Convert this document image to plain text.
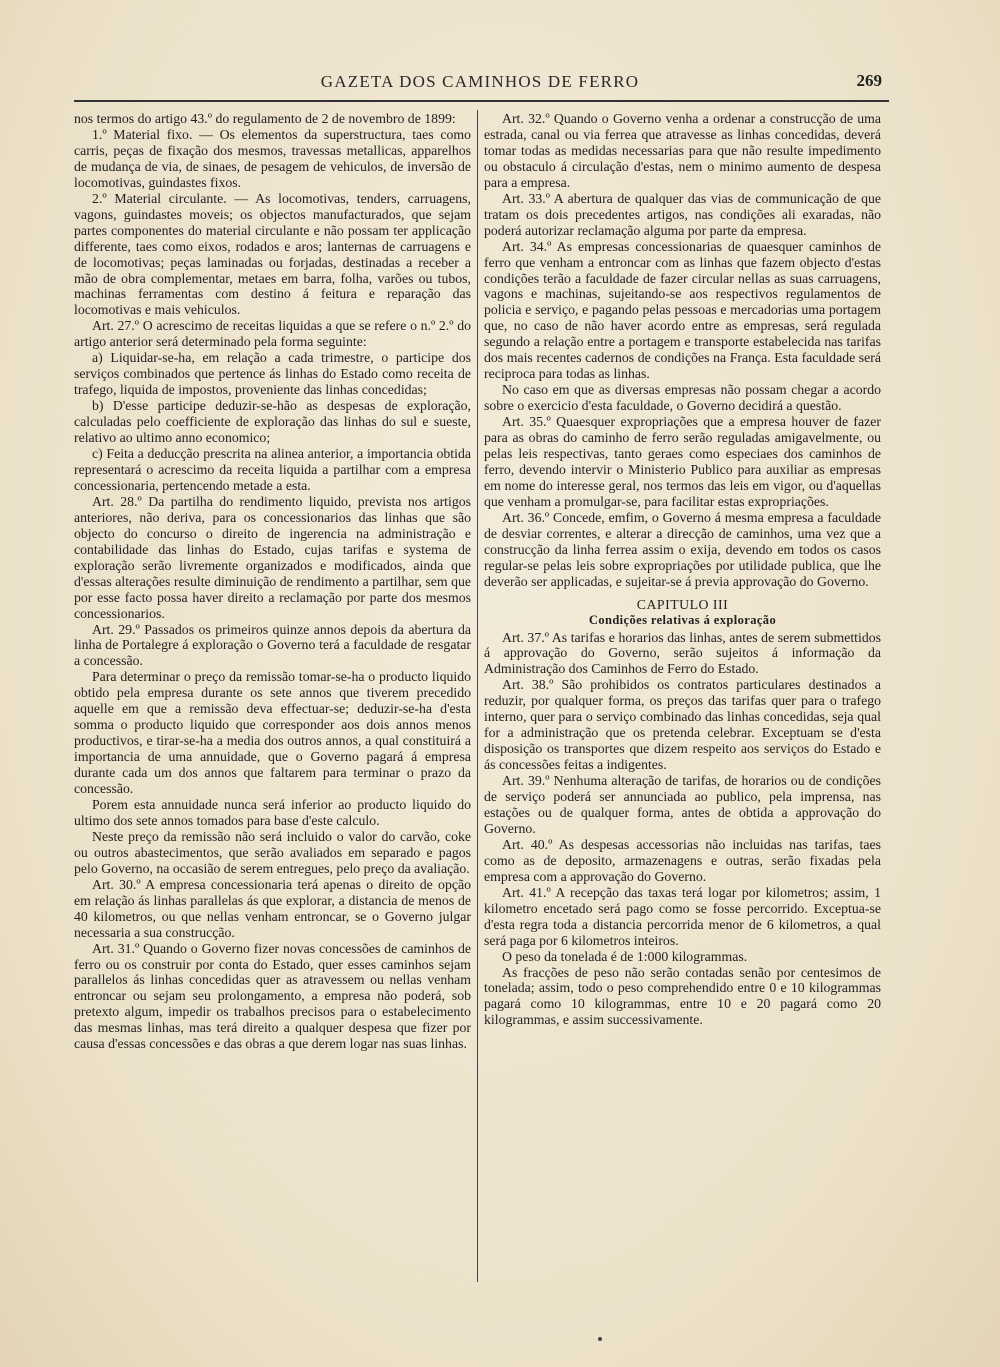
GAZETA DOS CAMINHOS DE FERRO	269

nos termos do artigo 43.º do regulamento de 2 de novembro de 1899:

1.º Material fixo. — Os elementos da superstructura, taes como carris, peças de fixação dos mesmos, travessas metallicas, apparelhos de mudança de via, de sinaes, de pesagem de vehiculos, de inversão de locomotivas, guindastes fixos.

2.º Material circulante. — As locomotivas, tenders, carruagens, vagons, guindastes moveis; os objectos manufacturados, que sejam partes componentes do material circulante e não possam ter applicação differente, taes como eixos, rodados e aros; lanternas de carruagens e de locomotivas; peças laminadas ou forjadas, destinadas a receber a mão de obra complementar, metaes em barra, folha, varões ou tubos, machinas ferramentas com destino á feitura e reparação das locomotivas e mais vehiculos.

Art. 27.º O acrescimo de receitas liquidas a que se refere o n.º 2.º do artigo anterior será determinado pela forma seguinte:

a) Liquidar-se-ha, em relação a cada trimestre, o participe dos serviços combinados que pertence ás linhas do Estado como receita de trafego, liquida de impostos, proveniente das linhas concedidas;

b) D'esse participe deduzir-se-hão as despesas de exploração, calculadas pelo coefficiente de exploração das linhas do sul e sueste, relativo ao ultimo anno economico;

c) Feita a deducção prescrita na alinea anterior, a importancia obtida representará o acrescimo da receita liquida a partilhar com a empresa concessionaria, pertencendo metade a esta.

Art. 28.º Da partilha do rendimento liquido, prevista nos artigos anteriores, não deriva, para os concessionarios das linhas que são objecto do concurso o direito de ingerencia na administração e contabilidade das linhas do Estado, cujas tarifas e systema de exploração serão livremente organizados e modificados, ainda que d'essas alterações resulte diminuição de rendimento a partilhar, sem que por esse facto possa haver direito a reclamação por parte dos mesmos concessionarios.

Art. 29.º Passados os primeiros quinze annos depois da abertura da linha de Portalegre á exploração o Governo terá a faculdade de resgatar a concessão.

Para determinar o preço da remissão tomar-se-ha o producto liquido obtido pela empresa durante os sete annos que tiverem precedido aquelle em que a remissão deva effectuar-se; deduzir-se-ha d'esta somma o producto liquido que corresponder aos dois annos menos productivos, e tirar-se-ha a media dos outros annos, a qual constituirá a importancia de uma annuidade, que o Governo pagará á empresa durante cada um dos annos que faltarem para terminar o prazo da concessão.

Porem esta annuidade nunca será inferior ao producto liquido do ultimo dos sete annos tomados para base d'este calculo.

Neste preço da remissão não será incluido o valor do carvão, coke ou outros abastecimentos, que serão avaliados em separado e pagos pelo Governo, na occasião de serem entregues, pelo preço da avaliação.

Art. 30.º A empresa concessionaria terá apenas o direito de opção em relação ás linhas parallelas ás que explorar, a distancia de menos de 40 kilometros, ou que nellas venham entroncar, se o Governo julgar necessaria a sua construcção.

Art. 31.º Quando o Governo fizer novas concessões de caminhos de ferro ou os construir por conta do Estado, quer esses caminhos sejam parallelos ás linhas concedidas quer as atravessem ou nellas venham entroncar ou sejam seu prolongamento, a empresa não poderá, sob pretexto algum, impedir os trabalhos precisos para o estabelecimento das mesmas linhas, mas terá direito a qualquer despesa que fizer por causa d'essas concessões e das obras a que derem logar nas suas linhas.

Art. 32.º Quando o Governo venha a ordenar a construcção de uma estrada, canal ou via ferrea que atravesse as linhas concedidas, deverá tomar todas as medidas necessarias para que não resulte impedimento ou obstaculo á circulação d'estas, nem o minimo aumento de despesa para a empresa.

Art. 33.º A abertura de qualquer das vias de communicação de que tratam os dois precedentes artigos, nas condições ali exaradas, não poderá autorizar reclamação alguma por parte da empresa.

Art. 34.º As empresas concessionarias de quaesquer caminhos de ferro que venham a entroncar com as linhas que fazem objecto d'estas condições terão a faculdade de fazer circular nellas as suas carruagens, vagons e machinas, sujeitando-se aos respectivos regulamentos de policia e serviço, e pagando pelas pessoas e mercadorias uma portagem que, no caso de não haver acordo entre as empresas, será regulada segundo a relação entre a portagem e transporte estabelecida nas tarifas dos mais recentes cadernos de condições na França. Esta faculdade será reciproca para todas as linhas.

No caso em que as diversas empresas não possam chegar a acordo sobre o exercicio d'esta faculdade, o Governo decidirá a questão.

Art. 35.º Quaesquer expropriações que a empresa houver de fazer para as obras do caminho de ferro serão reguladas amigavelmente, ou pelas leis respectivas, tanto geraes como especiaes dos caminhos de ferro, devendo intervir o Ministerio Publico para auxiliar as empresas em nome do interesse geral, nos termos das leis em vigor, ou d'aquellas que venham a promulgar-se, para facilitar estas expropriações.

Art. 36.º Concede, emfim, o Governo á mesma empresa a faculdade de desviar correntes, e alterar a direcção de caminhos, uma vez que a construcção da linha ferrea assim o exija, devendo em todos os casos regular-se pelas leis sobre expropriações por utilidade publica, que lhe deverão ser applicadas, e sujeitar-se á previa approvação do Governo.

CAPITULO III

Condições relativas á exploração

Art. 37.º As tarifas e horarios das linhas, antes de serem submettidos á approvação do Governo, serão sujeitos á informação da Administração dos Caminhos de Ferro do Estado.

Art. 38.º São prohibidos os contratos particulares destinados a reduzir, por qualquer forma, os preços das tarifas quer para o trafego interno, quer para o serviço combinado das linhas concedidas, seja qual for a administração que os pretenda celebrar. Exceptuam se d'esta disposição os transportes que dizem respeito aos serviços do Estado e ás concessões feitas a indigentes.

Art. 39.º Nenhuma alteração de tarifas, de horarios ou de condições de serviço poderá ser annunciada ao publico, pela imprensa, nas estações ou de qualquer forma, antes de obtida a approvação do Governo.

Art. 40.º As despesas accessorias não incluidas nas tarifas, taes como as de deposito, armazenagens e outras, serão fixadas pela empresa com a approvação do Governo.

Art. 41.º A recepção das taxas terá logar por kilometros; assim, 1 kilometro encetado será pago como se fosse percorrido. Exceptua-se d'esta regra toda a distancia percorrida menor de 6 kilometros, a qual será paga por 6 kilometros inteiros.

O peso da tonelada é de 1:000 kilogrammas.

As fracções de peso não serão contadas senão por centesimos de tonelada; assim, todo o peso comprehendido entre 0 e 10 kilogrammas pagará como 10 kilogrammas, entre 10 e 20 pagará como 20 kilogrammas, e assim successivamente.
